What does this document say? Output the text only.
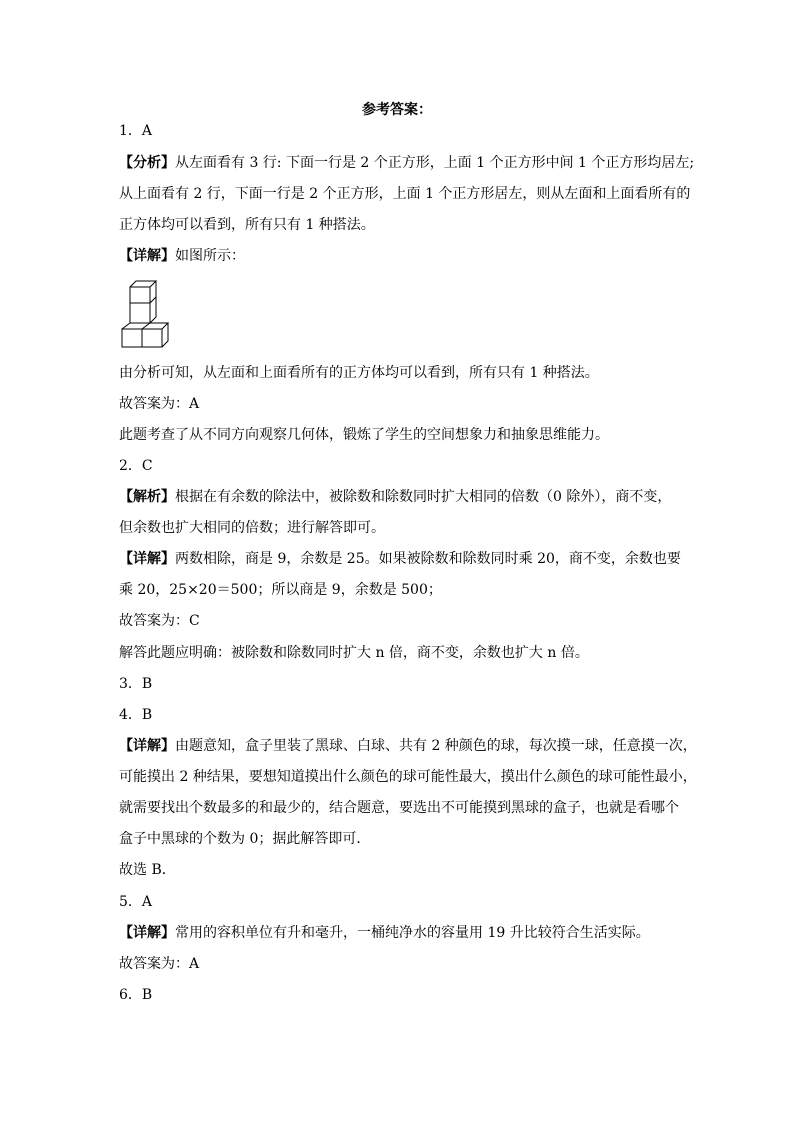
参考答案：
1．A
【分析】从左面看有 3 行: 下面一行是 2 个正方形，上面 1 个正方形中间 1 个正方形均居左;
从上面看有 2 行，下面一行是 2 个正方形，上面 1 个正方形居左，则从左面和上面看所有的
正方体均可以看到，所有只有 1 种搭法。
【详解】如图所示：
由分析可知，从左面和上面看所有的正方体均可以看到，所有只有 1 种搭法。
故答案为：A
此题考查了从不同方向观察几何体，锻炼了学生的空间想象力和抽象思维能力。
2．C
【解析】根据在有余数的除法中，被除数和除数同时扩大相同的倍数（0 除外），商不变，
但余数也扩大相同的倍数；进行解答即可。
【详解】两数相除，商是 9，余数是 25。如果被除数和除数同时乘 20，商不变，余数也要
乘 20，25×20＝500；所以商是 9，余数是 500；
故答案为：C
解答此题应明确：被除数和除数同时扩大 n 倍，商不变，余数也扩大 n 倍。
3．B
4．B
【详解】由题意知，盒子里装了黑球、白球、共有 2 种颜色的球，每次摸一球，任意摸一次，
可能摸出 2 种结果，要想知道摸出什么颜色的球可能性最大，摸出什么颜色的球可能性最小，
就需要找出个数最多的和最少的，结合题意，要选出不可能摸到黑球的盒子，也就是看哪个
盒子中黑球的个数为 0；据此解答即可．
故选 B．
5．A
【详解】常用的容积单位有升和毫升，一桶纯净水的容量用 19 升比较符合生活实际。
故答案为：A
6．B
